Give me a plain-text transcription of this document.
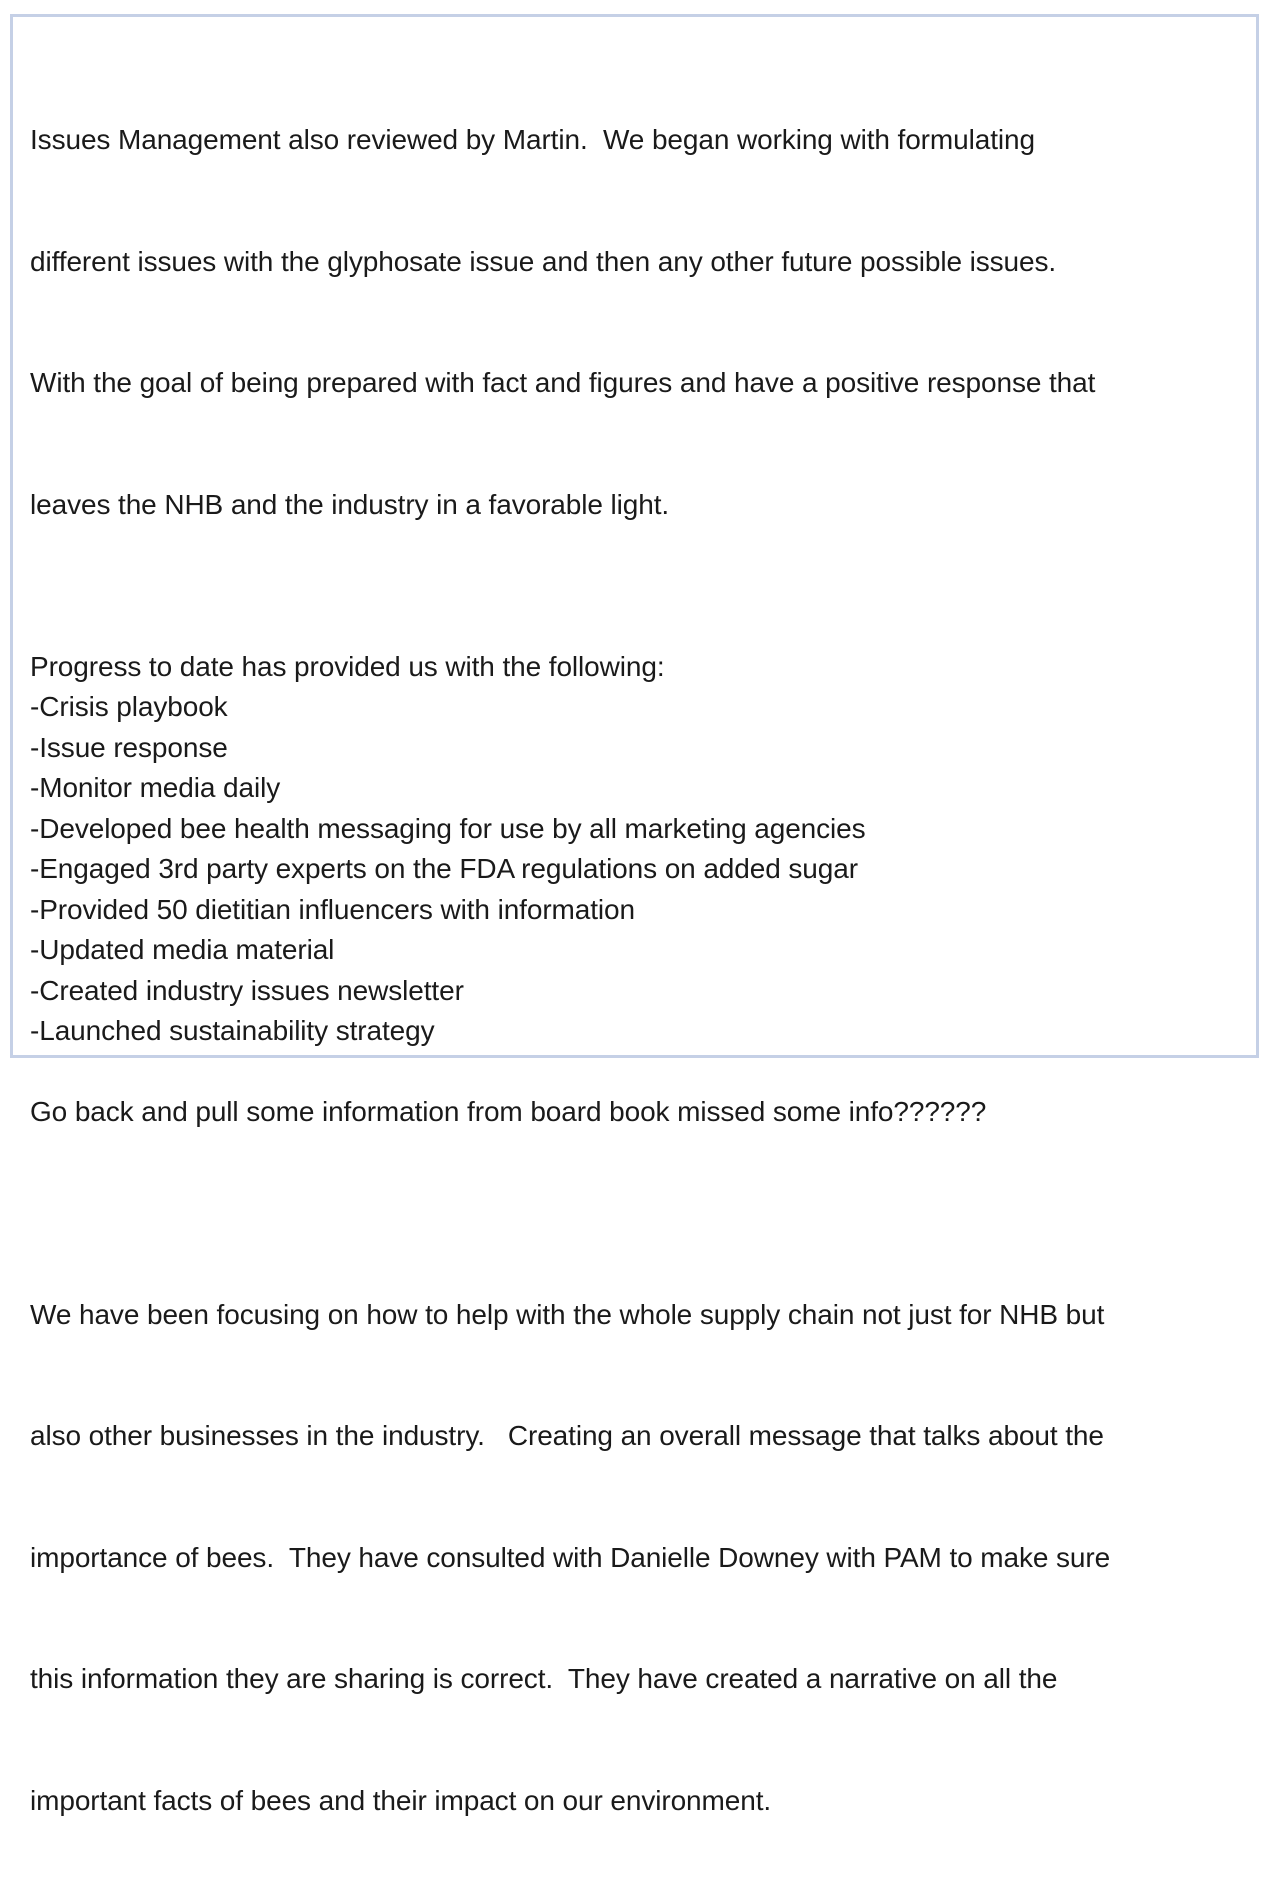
Issues Management also reviewed by Martin.  We began working with formulating

different issues with the glyphosate issue and then any other future possible issues.

With the goal of being prepared with fact and figures and have a positive response that

leaves the NHB and the industry in a favorable light.

Progress to date has provided us with the following:
-Crisis playbook
-Issue response
-Monitor media daily
-Developed bee health messaging for use by all marketing agencies
-Engaged 3rd party experts on the FDA regulations on added sugar
-Provided 50 dietitian influencers with information
-Updated media material
-Created industry issues newsletter
-Launched sustainability strategy
Go back and pull some information from board book missed some info??????

We have been focusing on how to help with the whole supply chain not just for NHB but

also other businesses in the industry.   Creating an overall message that talks about the

importance of bees.  They have consulted with Danielle Downey with PAM to make sure

this information they are sharing is correct.  They have created a narrative on all the

important facts of bees and their impact on our environment.
